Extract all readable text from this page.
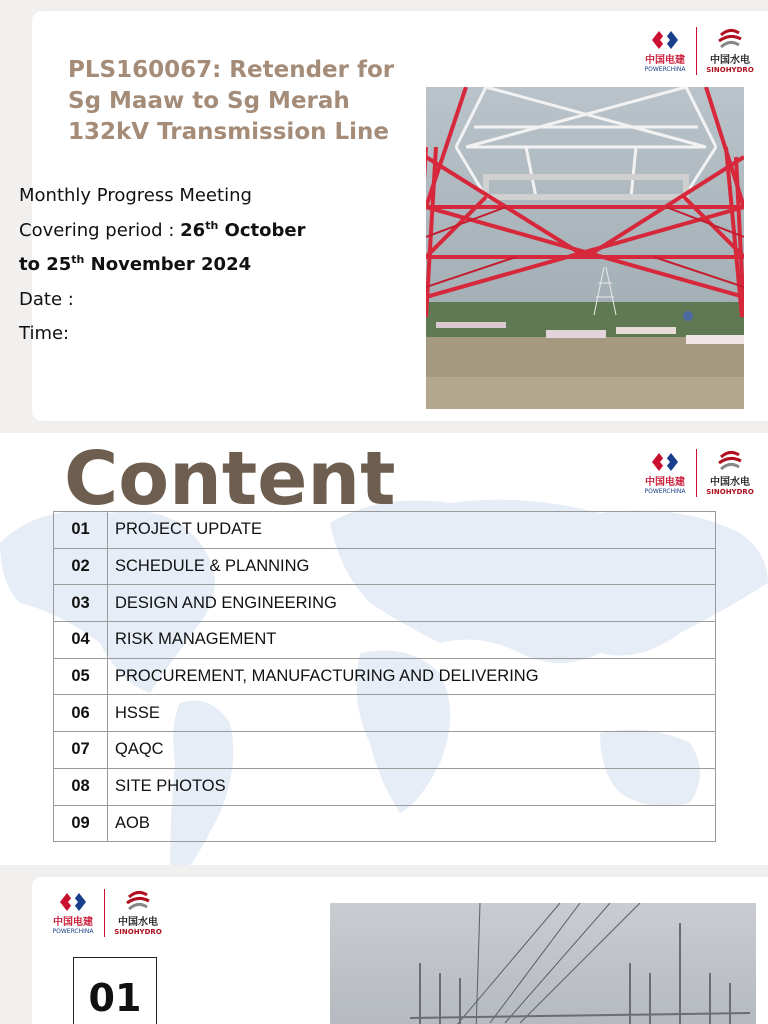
PLS160067: Retender for
Sg Maaw to Sg Merah
132kV Transmission Line
Monthly Progress Meeting
Covering period : 26th October
to 25th November 2024
Date :
Time:
中国电建
POWERCHINA
中国水电
SINOHYDRO
Content	中国电建
POWERCHINA
中国水电
SINOHYDRO
01	PROJECT UPDATE
02	SCHEDULE & PLANNING
03	DESIGN AND ENGINEERING
04	RISK MANAGEMENT
05	PROCUREMENT, MANUFACTURING AND DELIVERING
06	HSSE
07	QAQC
08	SITE PHOTOS
09	AOB
中国电建
POWERCHINA
中国水电
SINOHYDRO
01
